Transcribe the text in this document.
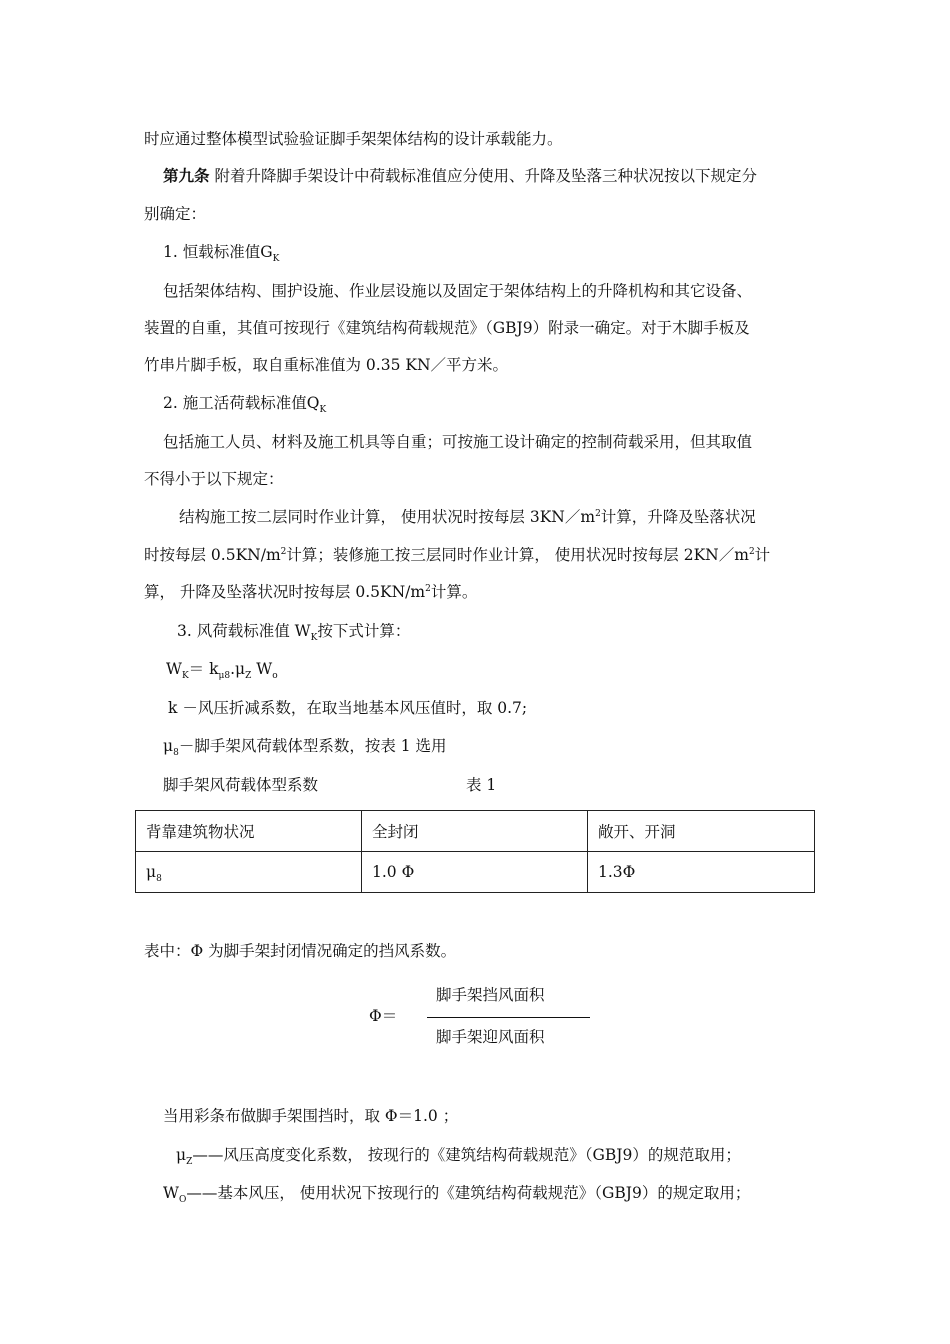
时应通过整体模型试验验证脚手架架体结构的设计承载能力。
第九条 附着升降脚手架设计中荷载标准值应分使用、升降及坠落三种状况按以下规定分
别确定：
1. 恒载标准值$G_K$
包括架体结构、围护设施、作业层设施以及固定于架体结构上的升降机构和其它设备、
装置的自重，其值可按现行《建筑结构荷载规范》（GBJ9）附录一确定。对于木脚手板及
竹串片脚手板，取自重标准值为 0.35 KN／平方米。
2. 施工活荷载标准值$Q_K$
包括施工人员、材料及施工机具等自重；可按施工设计确定的控制荷载采用，但其取值
不得小于以下规定：
结构施工按二层同时作业计算， 使用状况时按每层 $3KN/m^2$计算，升降及坠落状况
时按每层 $0.5KN/m^2$计算；装修施工按三层同时作业计算， 使用状况时按每层 $2KN/m^2$计
算， 升降及坠落状况时按每层 $0.5KN/m^2$计算。
3. 风荷载标准值 $W_K$按下式计算：
$W_K= k_{\mu 8}.\mu_Z$ $W_o$
k －风压折减系数，在取当地基本风压值时，取 0.7;
$\mu_8-$脚手架风荷载体型系数，按表 1 选用
脚手架风荷载体型系数	表 1
背靠建筑物状况	全封闭	敞开、开洞
$\mu_8$	1.0 Φ	1.3Φ
表中：Φ 为脚手架封闭情况确定的挡风系数。
脚手架挡风面积
Φ＝
脚手架迎风面积
当用彩条布做脚手架围挡时，取 Φ＝1.0 ；
$\mu_Z——$风压高度变化系数， 按现行的《建筑结构荷载规范》（GBJ9）的规范取用；
$W_O——$基本风压， 使用状况下按现行的《建筑结构荷载规范》（GBJ9）的规定取用；
